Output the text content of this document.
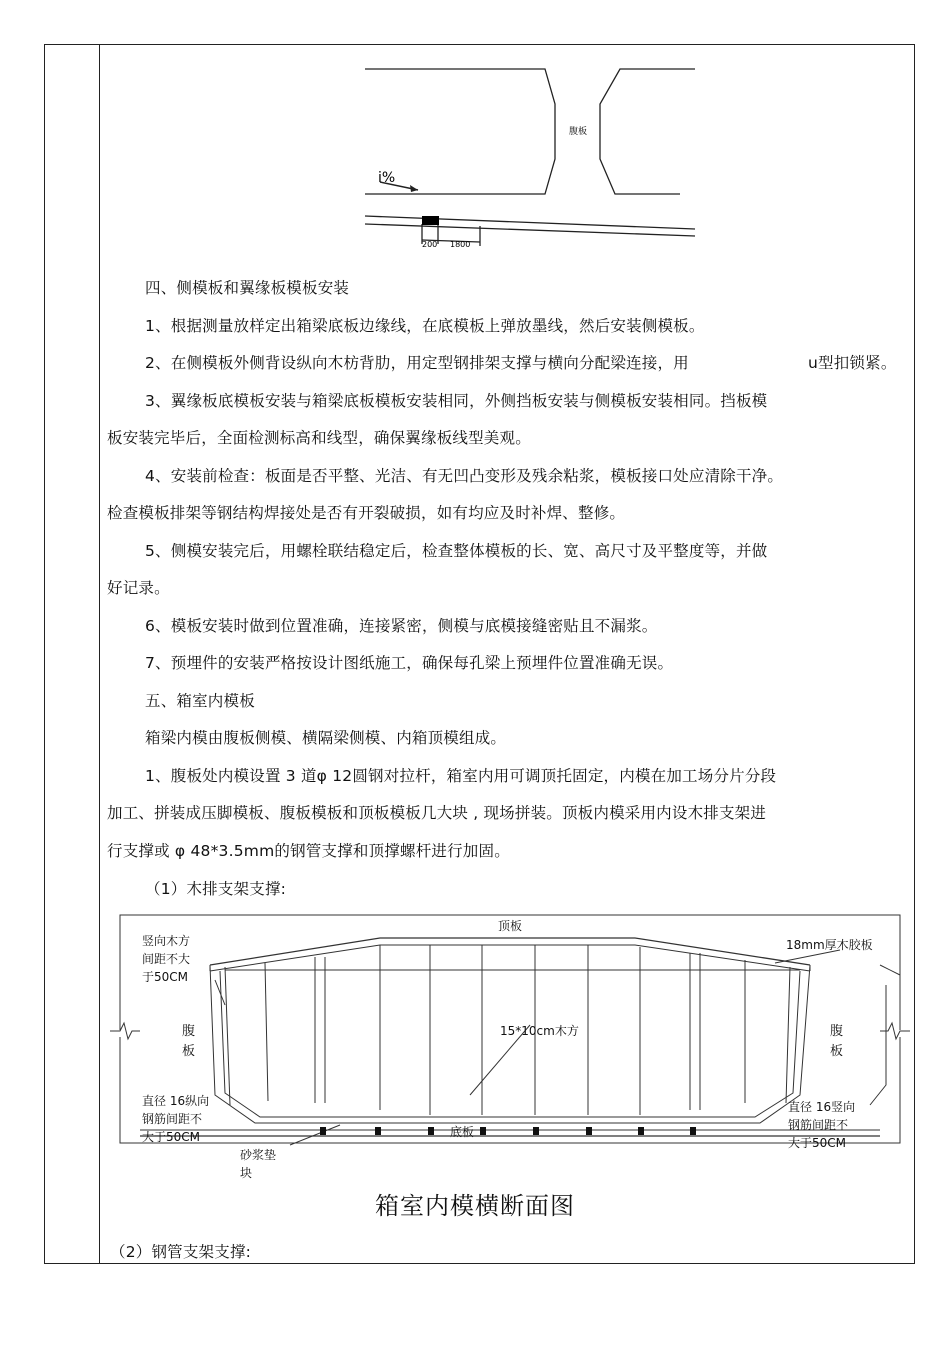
i%
腹板
200 1800
四、侧模板和翼缘板模板安装
1、根据测量放样定出箱梁底板边缘线，在底模板上弹放墨线，然后安装侧模板。
2、在侧模板外侧背设纵向木枋背肋，用定型钢排架支撑与横向分配梁连接，用	u型扣锁紧。
3、翼缘板底模板安装与箱梁底板模板安装相同，外侧挡板安装与侧模板安装相同。挡板模
板安装完毕后，全面检测标高和线型，确保翼缘板线型美观。
4、安装前检查：板面是否平整、光洁、有无凹凸变形及残余粘浆，模板接口处应清除干净。
检查模板排架等钢结构焊接处是否有开裂破损，如有均应及时补焊、整修。
5、侧模安装完后，用螺栓联结稳定后，检查整体模板的长、宽、高尺寸及平整度等，并做
好记录。
6、模板安装时做到位置准确，连接紧密，侧模与底模接缝密贴且不漏浆。
7、预埋件的安装严格按设计图纸施工，确保每孔梁上预埋件位置准确无误。
五、箱室内模板
箱梁内模由腹板侧模、横隔梁侧模、内箱顶模组成。
1、腹板处内模设置 3 道φ 12圆钢对拉杆，箱室内用可调顶托固定，内模在加工场分片分段
加工、拼装成压脚模板、腹板模板和顶板模板几大块 , 现场拼装。顶板内模采用内设木排支架进
行支撑或 φ 48*3.5mm的钢管支撑和顶撑螺杆进行加固。
（1）木排支架支撑:
顶板
18mm厚木胶板
竖向木方
间距不大
于50CM
腹
板
腹
板
15*10cm木方
直径 16纵向
钢筋间距不
大于50CM
直径 16竖向
钢筋间距不
大于50CM
底板
砂浆垫
块
箱室内模横断面图
（2）钢管支架支撑:
